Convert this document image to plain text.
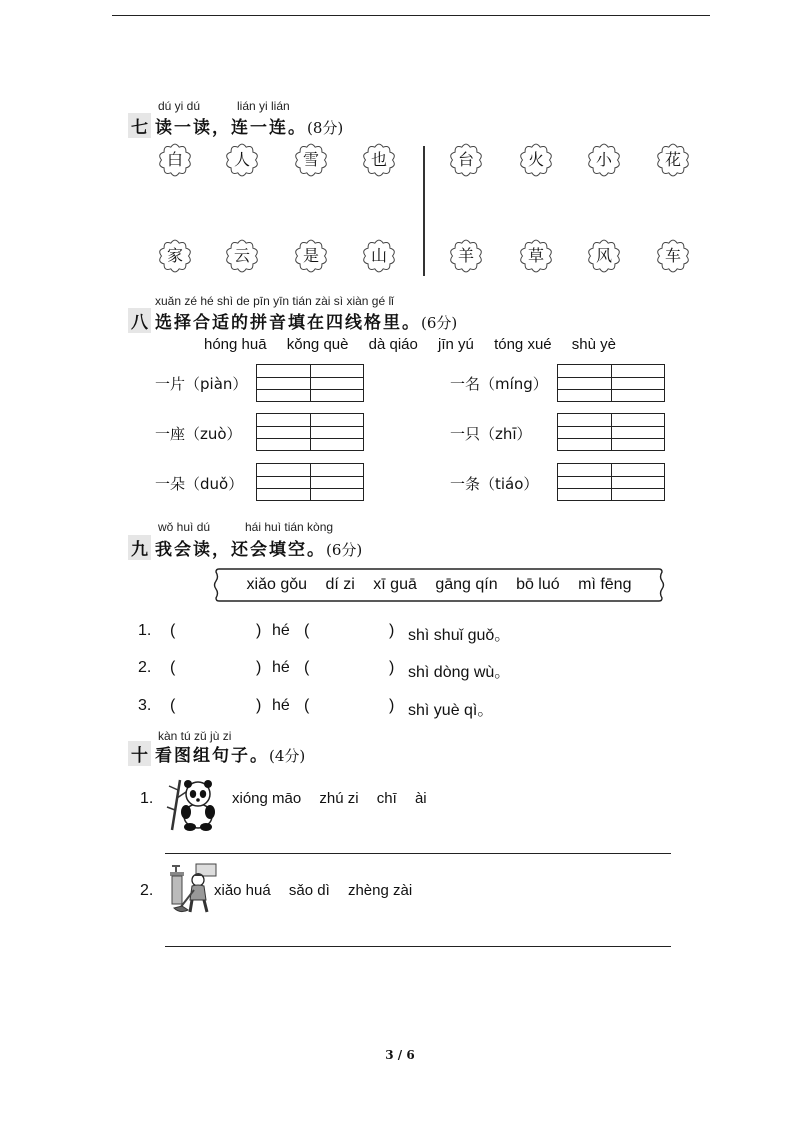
dú yi dú	lián yi lián
七 读一读，连一连。(8分)
白	人	雪	也	台	火	小	花
家	云	是	山	羊	草	风	车
xuǎn zé hé shì de pīn yīn tián zài sì xiàn gé lǐ
八 选择合适的拼音填在四线格里。(6分)
hóng huā kǒng què dà qiáo jīn yú tóng xué shù yè
一片（piàn）	一名（míng）
一座（zuò）	一只（zhī）
一朵（duǒ）	一条（tiáo）
wǒ huì dú	hái huì tián kòng
九 我会读，还会填空。(6分)
xiǎo gǒu dí zi xī guā gāng qín bō luó mì fēng
1. (	) hé (	) shì shuǐ guǒ。
2. (	) hé (	) shì dòng wù。
3. (	) hé (	) shì yuè qì。
kàn tú zǔ jù zi
十 看图组句子。(4分)
1.	xióng māo zhú zi chī ài
2.	xiǎo huá sǎo dì zhèng zài
3 / 6
